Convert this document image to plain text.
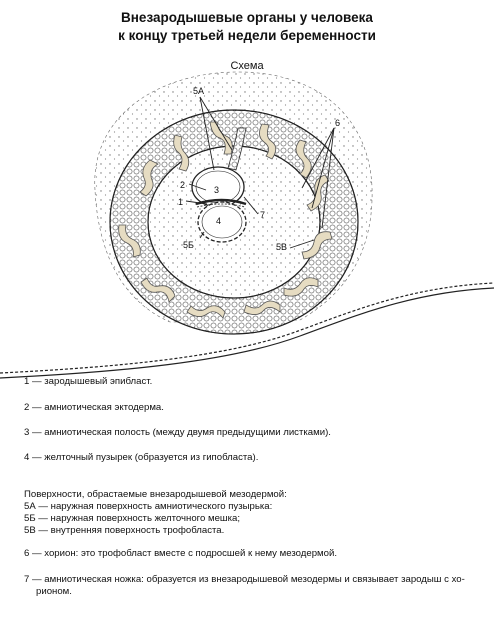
Внезародышевые органы у человека
к концу третьей недели беременности
Схема
5А
2	3
1
4
5Б	5В
6
7
1 — зародышевый эпибласт.
2 — амниотическая эктодерма.
3 — амниотическая полость (между двумя предыдущими листками).
4 — желточный пузырек (образуется из гипобласта).
Поверхности, обрастаемые внезародышевой мезодермой:
5А — наружная поверхность амниотического пузырька:
5Б — наружная поверхность желточного мешка;
5В — внутренняя поверхность трофобласта.
6 — хорион: это трофобласт вместе с подросшей к нему мезодермой.
7 — амниотическая ножка: образуется из внезародышевой мезодермы и связывает зародыш с хо-
рионом.
